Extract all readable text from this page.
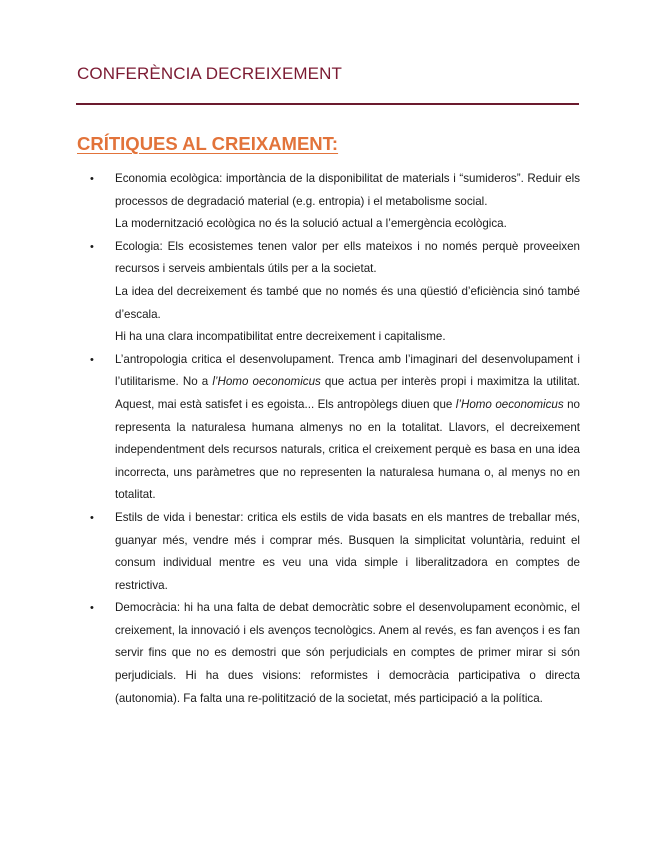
CONFERÈNCIA DECREIXEMENT
CRÍTIQUES AL CREIXAMENT:
•	Economia ecològica: importància de la disponibilitat de materials i “sumideros”. Reduir els processos de degradació material (e.g. entropia) i el metabolisme social.

La modernització ecològica no és la solució actual a l’emergència ecològica.

•	Ecologia: Els ecosistemes tenen valor per ells mateixos i no només perquè proveeixen recursos i serveis ambientals útils per a la societat.

La idea del decreixement és també que no només és una qüestió d’eficiència sinó també d’escala.

Hi ha una clara incompatibilitat entre decreixement i capitalisme.

•	L’antropologia critica el desenvolupament. Trenca amb l’imaginari del desenvolupament i l’utilitarisme. No a l’Homo oeconomicus que actua per interès propi i maximitza la utilitat. Aquest, mai està satisfet i es egoista... Els antropòlegs diuen que l’Homo oeconomicus no representa la naturalesa humana almenys no en la totalitat. Llavors, el decreixement independentment dels recursos naturals, critica el creixement perquè es basa en una idea incorrecta, uns paràmetres que no representen la naturalesa humana o, al menys no en totalitat.

•	Estils de vida i benestar: critica els estils de vida basats en els mantres de treballar més, guanyar més, vendre més i comprar més. Busquen la simplicitat voluntària, reduint el consum individual mentre es veu una vida simple i liberalitzadora en comptes de restrictiva.

•	Democràcia: hi ha una falta de debat democràtic sobre el desenvolupament econòmic, el creixement, la innovació i els avenços tecnològics. Anem al revés, es fan avenços i es fan servir fins que no es demostri que són perjudicials en comptes de primer mirar si són perjudicials. Hi ha dues visions: reformistes i democràcia participativa o directa (autonomia). Fa falta una re-politització de la societat, més participació a la política.
